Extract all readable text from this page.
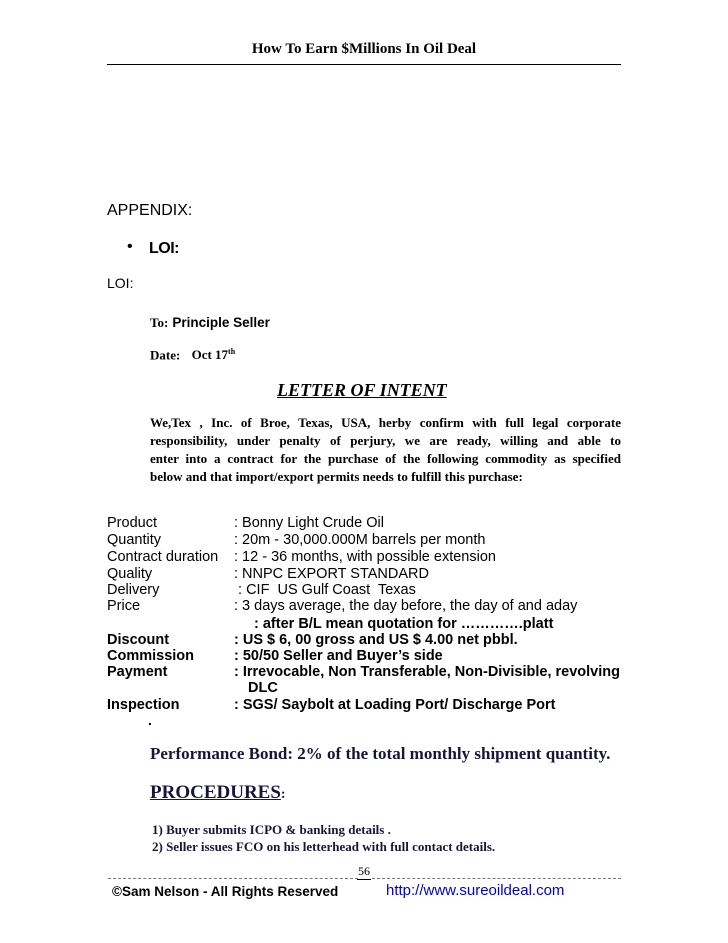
How To Earn $Millions In Oil Deal
APPENDIX:
• LOI:
LOI:
To: Principle Seller
Date: Oct 17th
LETTER OF INTENT
We,Tex , Inc. of Broe, Texas, USA, herby confirm with full legal corporate
responsibility, under penalty of perjury, we are ready, willing and able to
enter into a contract for the purchase of the following commodity as specified
below and that import/export permits needs to fulfill this purchase:
Product	: Bonny Light Crude Oil
Quantity	: 20m - 30,000.000M barrels per month
Contract duration : 12 - 36 months, with possible extension
Quality	: NNPC EXPORT STANDARD
Delivery	: CIF  US Gulf Coast  Texas
Price	: 3 days average, the day before, the day of and aday
: after B/L mean quotation for ………….platt
Discount	: US $ 6, 00 gross and US $ 4.00 net pbbl.
Commission	: 50/50 Seller and Buyer’s side
Payment	: Irrevocable, Non Transferable, Non-Divisible, revolving
DLC
Inspection	: SGS/ Saybolt at Loading Port/ Discharge Port
.
Performance Bond: 2% of the total monthly shipment quantity.
PROCEDURES:
1) Buyer submits ICPO & banking details .
2) Seller issues FCO on his letterhead with full contact details.
56
©Sam Nelson - All Rights Reserved	http://www.sureoildeal.com
